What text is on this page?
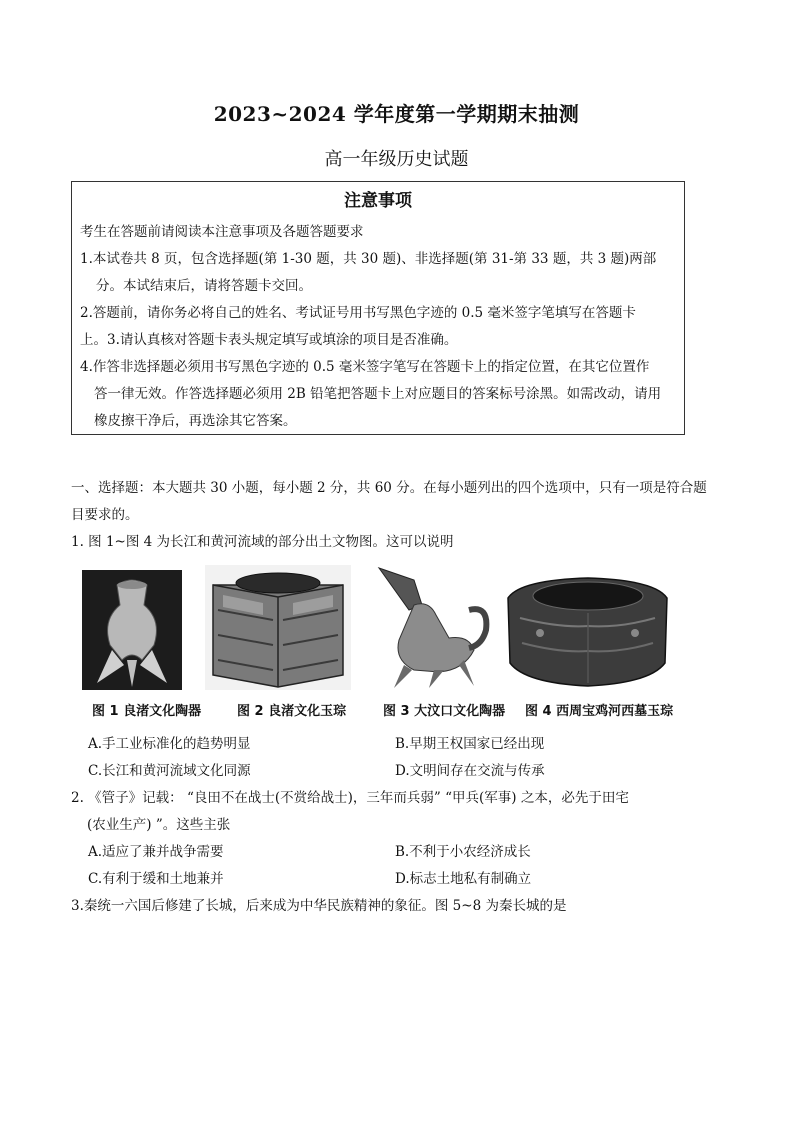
2023~2024 学年度第一学期期末抽测
高一年级历史试题
注意事项
考生在答题前请阅读本注意事项及各题答题要求
1.本试卷共 8 页，包含选择题(第 1-30 题，共 30 题)、非选择题(第 31-第 33 题，共 3 题)两部
分。本试结束后，请将答题卡交回。
2.答题前，请你务必将自己的姓名、考试证号用书写黑色字迹的 0.5 毫米签字笔填写在答题卡
上。3.请认真核对答题卡表头规定填写或填涂的项目是否准确。
4.作答非选择题必须用书写黑色字迹的 0.5 毫米签字笔写在答题卡上的指定位置，在其它位置作
答一律无效。作答选择题必须用 2B 铅笔把答题卡上对应题目的答案标号涂黑。如需改动，请用
橡皮擦干净后，再选涂其它答案。
一、选择题：本大题共 30 小题，每小题 2 分，共 60 分。在每小题列出的四个选项中，只有一项是符合题
目要求的。
1. 图 1~图 4 为长江和黄河流域的部分出土文物图。这可以说明
图 1 良渚文化陶器	图 2 良渚文化玉琮	图 3 大汶口文化陶器 图 4 西周宝鸡河西墓玉琮
A.手工业标准化的趋势明显	B.早期王权国家已经出现
C.长江和黄河流域文化同源	D.文明间存在交流与传承
2. 《管子》记载： “良田不在战士(不赏给战士)，三年而兵弱” “甲兵(军事) 之本，必先于田宅
(农业生产) ”。这些主张
A.适应了兼并战争需要	B.不利于小农经济成长
C.有利于缓和土地兼并	D.标志土地私有制确立
3.秦统一六国后修建了长城，后来成为中华民族精神的象征。图 5~8 为秦长城的是
